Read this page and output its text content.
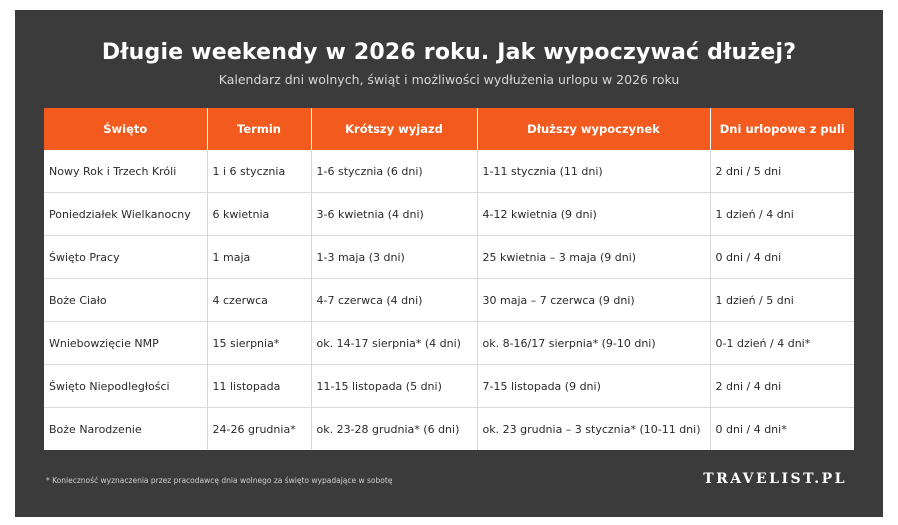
Długie weekendy w 2026 roku. Jak wypoczywać dłużej?
Kalendarz dni wolnych, świąt i możliwości wydłużenia urlopu w 2026 roku
Święto	Termin	Krótszy wyjazd	Dłuższy wypoczynek	Dni urlopowe z puli
Nowy Rok i Trzech Króli	1 i 6 stycznia	1-6 stycznia (6 dni)	1-11 stycznia (11 dni)	2 dni / 5 dni
Poniedziałek Wielkanocny	6 kwietnia	3-6 kwietnia (4 dni)	4-12 kwietnia (9 dni)	1 dzień / 4 dni
Święto Pracy	1 maja	1-3 maja (3 dni)	25 kwietnia – 3 maja (9 dni)	0 dni / 4 dni
Boże Ciało	4 czerwca	4-7 czerwca (4 dni)	30 maja – 7 czerwca (9 dni)	1 dzień / 5 dni
Wniebowzięcie NMP	15 sierpnia*	ok. 14-17 sierpnia* (4 dni)	ok. 8-16/17 sierpnia* (9-10 dni)	0-1 dzień / 4 dni*
Święto Niepodległości	11 listopada	11-15 listopada (5 dni)	7-15 listopada (9 dni)	2 dni / 4 dni
Boże Narodzenie	24-26 grudnia*	ok. 23-28 grudnia* (6 dni)	ok. 23 grudnia – 3 stycznia* (10-11 dni)	0 dni / 4 dni*
* Konieczność wyznaczenia przez pracodawcę dnia wolnego za święto wypadające w sobotę	TRAVELIST.PL
